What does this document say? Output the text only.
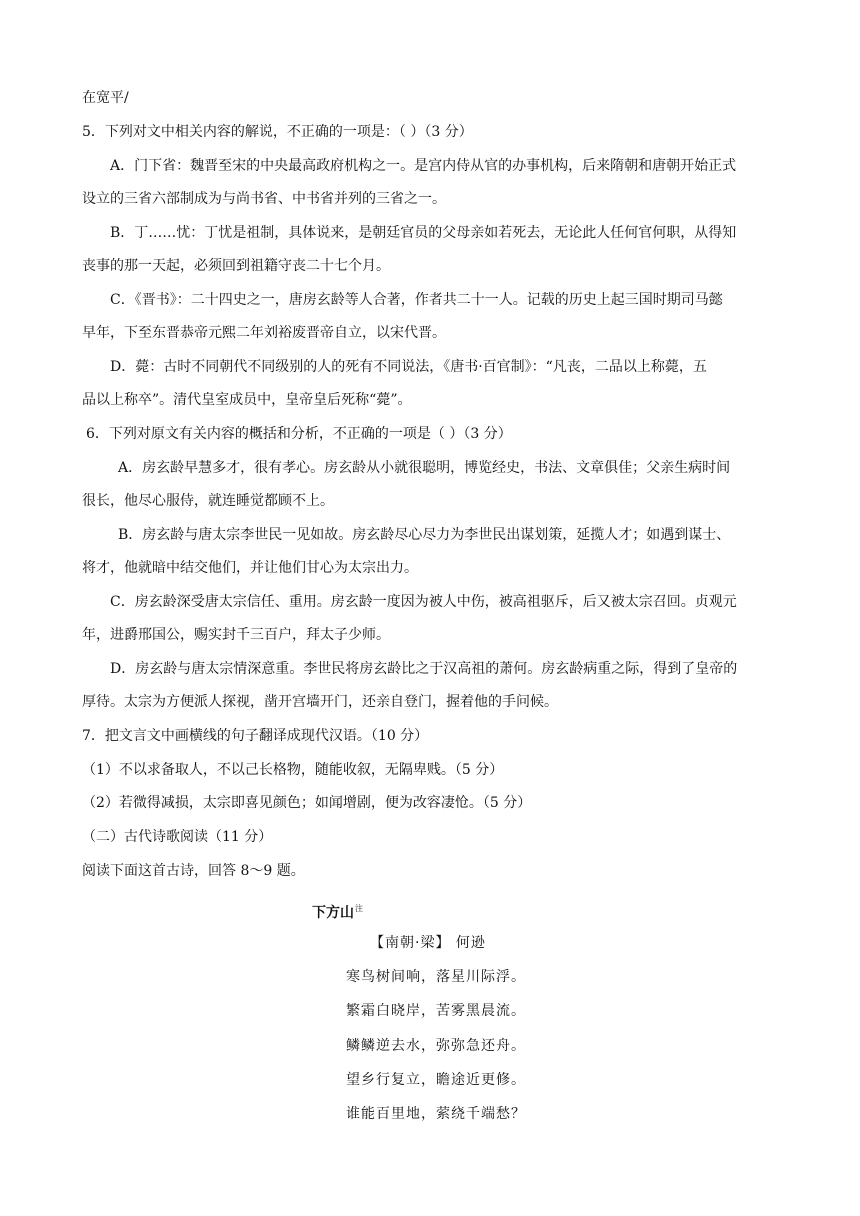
在宽平/
5．下列对文中相关内容的解说，不正确的一项是：（ ）（3 分）
A．门下省：魏晋至宋的中央最高政府机构之一。是宫内侍从官的办事机构，后来隋朝和唐朝开始正式
设立的三省六部制成为与尚书省、中书省并列的三省之一。
B．丁……忧：丁忧是祖制，具体说来，是朝廷官员的父母亲如若死去，无论此人任何官何职，从得知
丧事的那一天起，必须回到祖籍守丧二十七个月。
C．《晋书》：二十四史之一，唐房玄龄等人合著，作者共二十一人。记载的历史上起三国时期司马懿
早年，下至东晋恭帝元熙二年刘裕废晋帝自立，以宋代晋。
D．薨：古时不同朝代不同级别的人的死有不同说法，《唐书·百官制》：“凡丧，二品以上称薨，五
品以上称卒”。清代皇室成员中，皇帝皇后死称“薨”。
6．下列对原文有关内容的概括和分析，不正确的一项是（ ）（3 分）
A．房玄龄早慧多才，很有孝心。房玄龄从小就很聪明，博览经史，书法、文章俱佳；父亲生病时间
很长，他尽心服侍，就连睡觉都顾不上。
B．房玄龄与唐太宗李世民一见如故。房玄龄尽心尽力为李世民出谋划策，延揽人才；如遇到谋士、
将才，他就暗中结交他们，并让他们甘心为太宗出力。
C．房玄龄深受唐太宗信任、重用。房玄龄一度因为被人中伤，被高祖驱斥，后又被太宗召回。贞观元
年，进爵邢国公，赐实封千三百户，拜太子少师。
D．房玄龄与唐太宗情深意重。李世民将房玄龄比之于汉高祖的萧何。房玄龄病重之际，得到了皇帝的
厚待。太宗为方便派人探视，凿开宫墙开门，还亲自登门，握着他的手问候。
7．把文言文中画横线的句子翻译成现代汉语。（10 分）
（1）不以求备取人，不以己长格物，随能收叙，无隔卑贱。（5 分）
（2）若微得减损，太宗即喜见颜色；如闻增剧，便为改容凄怆。（5 分）
（二）古代诗歌阅读（11 分）
阅读下面这首古诗，回答 8～9 题。
下方山$^注$
【南朝·梁】 何逊
寒鸟树间响，落星川际浮。
繁霜白晓岸，苦雾黑晨流。
鳞鳞逆去水，弥弥急还舟。
望乡行复立，瞻途近更修。
谁能百里地，萦绕千端愁？
